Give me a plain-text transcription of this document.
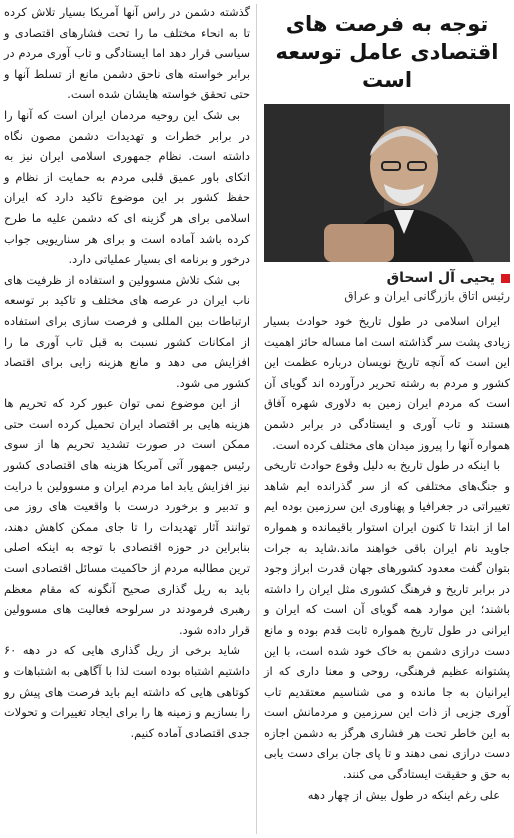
توجه به فرصت های اقتصادی عامل توسعه است
یحیی آل اسحاق
رئیس اتاق بازرگانی ایران و عراق

ایران اسلامی در طول تاریخ خود حوادث بسیار زیادی پشت سر گذاشته است اما مساله حائز اهمیت این است که آنچه تاریخ نویسان درباره عظمت این کشور و مردم به رشته تحریر درآورده اند گویای آن است که مردم ایران زمین به دلاوری شهره آفاق هستند و تاب آوری و ایستادگی در برابر دشمن همواره آنها را پیروز میدان های مختلف کرده است.

با اینکه در طول تاریخ به دلیل وقوع حوادث تاریخی و جنگ‌های مختلفی که از سر گذرانده ایم شاهد تغییراتی در جغرافیا و پهناوری این سرزمین بوده ایم اما از ابتدا تا کنون ایران استوار باقیمانده و همواره جاوید نام ایران باقی خواهند ماند.شاید به جرات بتوان گفت معدود کشورهای جهان قدرت ابراز وجود در برابر تاریخ و فرهنگ کشوری مثل ایران را داشته باشند؛ این موارد همه گویای آن است که ایران و ایرانی در طول تاریخ همواره ثابت قدم بوده و مانع دست درازی دشمن به خاک خود شده است، با این پشتوانه عظیم فرهنگی، روحی و معنا داری که از ایرانیان به جا مانده و می شناسیم معتقدیم تاب آوری جزیی از ذات این سرزمین و مردمانش است به این خاطر تحت هر فشاری هرگز به دشمن اجازه دست درازی نمی دهند و تا پای جان برای دست یابی به حق و حقیقت ایستادگی می کنند.

علی رغم اینکه در طول بیش از چهار دهه

گذشته دشمن در راس آنها آمریکا بسیار تلاش کرده تا به انحاء مختلف ما را تحت فشارهای اقتصادی و سیاسی قرار دهد اما ایستادگی و تاب آوری مردم در برابر خواسته های ناحق دشمن مانع از تسلط آنها و حتی تحقق خواسته هایشان شده است.

بی شک این روحیه مردمان ایران است که آنها را در برابر خطرات و تهدیدات دشمن مصون نگاه داشته است. نظام جمهوری اسلامی ایران نیز به اتکای باور عمیق قلبی مردم به حمایت از نظام و حفظ کشور بر این موضوع تاکید دارد که ایران اسلامی برای هر گزینه ای که دشمن علیه ما طرح کرده باشد آماده است و برای هر سناریویی جواب درخور و برنامه ای بسیار عملیاتی دارد.

بی شک تلاش مسوولین و استفاده از ظرفیت های ناب ایران در عرصه های مختلف و تاکید بر توسعه ارتباطات بین المللی و فرصت سازی برای استفاده از امکانات کشور نسبت به قبل تاب آوری ما را افزایش می دهد و مانع هزینه زایی برای اقتصاد کشور می شود.

از این موضوع نمی توان عبور کرد که تحریم ها هزینه هایی بر اقتصاد ایران تحمیل کرده است حتی ممکن است در صورت تشدید تحریم ها از سوی رئیس جمهور آتی آمریکا هزینه های اقتصادی کشور نیز افزایش یابد اما مردم ایران و مسوولین با درایت و تدبیر و برخورد درست با واقعیت های روز می توانند آثار تهدیدات را تا جای ممکن کاهش دهند، بنابراین در حوزه اقتصادی با توجه به اینکه اصلی ترین مطالبه مردم از حاکمیت مسائل اقتصادی است باید به ریل گذاری صحیح آنگونه که مقام معظم رهبری فرمودند در سرلوحه فعالیت های مسوولین قرار داده شود.

شاید برخی از ریل گذاری هایی که در دهه ۶۰ داشتیم اشتباه بوده است لذا با آگاهی به اشتباهات و کوتاهی هایی که داشته ایم باید فرصت های پیش رو را بسازیم و زمینه ها را برای ایجاد تغییرات و تحولات جدی اقتصادی آماده کنیم.
